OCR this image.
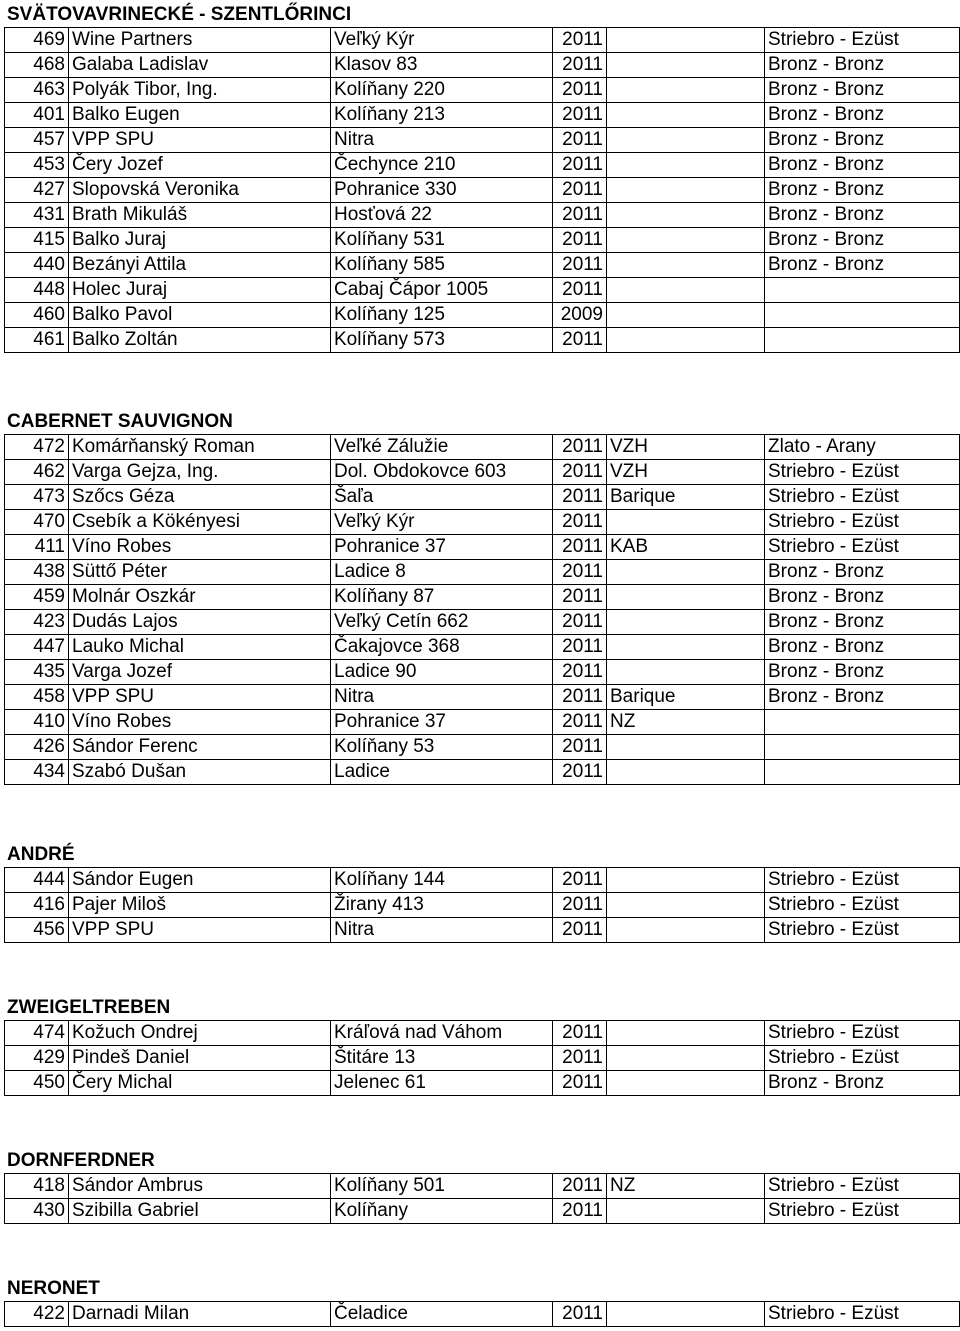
SVÄTOVAVRINECKÉ - SZENTLŐRINCI
469	Wine Partners	Veľký Kýr	2011			Striebro - Ezüst
468	Galaba Ladislav	Klasov 83	2011			Bronz - Bronz
463	Polyák Tibor, Ing.	Kolíňany 220	2011			Bronz - Bronz
401	Balko Eugen	Kolíňany 213	2011			Bronz - Bronz
457	VPP SPU	Nitra	2011			Bronz - Bronz
453	Čery Jozef	Čechynce 210	2011			Bronz - Bronz
427	Slopovská Veronika	Pohranice 330	2011			Bronz - Bronz
431	Brath Mikuláš	Hosťová 22	2011			Bronz - Bronz
415	Balko Juraj	Kolíňany 531	2011			Bronz - Bronz
440	Bezányi Attila	Kolíňany 585	2011			Bronz - Bronz
448	Holec Juraj	Cabaj Čápor 1005	2011			
460	Balko Pavol	Kolíňany 125	2009			
461	Balko Zoltán	Kolíňany 573	2011			
CABERNET SAUVIGNON
472	Komárňanský Roman	Veľké Zálužie	2011	VZH		Zlato - Arany
462	Varga Gejza, Ing.	Dol. Obdokovce 603	2011	VZH		Striebro - Ezüst
473	Szőcs Géza	Šaľa	2011	Barique		Striebro - Ezüst
470	Csebík a Kökényesi	Veľký Kýr	2011			Striebro - Ezüst
411	Víno Robes	Pohranice 37	2011	KAB		Striebro - Ezüst
438	Süttő Péter	Ladice 8	2011			Bronz - Bronz
459	Molnár Oszkár	Kolíňany 87	2011			Bronz - Bronz
423	Dudás Lajos	Veľký Cetín 662	2011			Bronz - Bronz
447	Lauko Michal	Čakajovce 368	2011			Bronz - Bronz
435	Varga Jozef	Ladice 90	2011			Bronz - Bronz
458	VPP SPU	Nitra	2011	Barique		Bronz - Bronz
410	Víno Robes	Pohranice 37	2011	NZ		
426	Sándor Ferenc	Kolíňany 53	2011			
434	Szabó Dušan	Ladice	2011			
ANDRÉ
444	Sándor Eugen	Kolíňany 144	2011			Striebro - Ezüst
416	Pajer Miloš	Žirany 413	2011			Striebro - Ezüst
456	VPP SPU	Nitra	2011			Striebro - Ezüst
ZWEIGELTREBEN
474	Kožuch Ondrej	Kráľová nad Váhom	2011			Striebro - Ezüst
429	Pindeš Daniel	Štitáre 13	2011			Striebro - Ezüst
450	Čery Michal	Jelenec 61	2011			Bronz - Bronz
DORNFERDNER
418	Sándor Ambrus	Kolíňany 501	2011	NZ		Striebro - Ezüst
430	Szibilla Gabriel	Kolíňany	2011			Striebro - Ezüst
NERONET
422	Darnadi Milan	Čeladice	2011			Striebro - Ezüst
